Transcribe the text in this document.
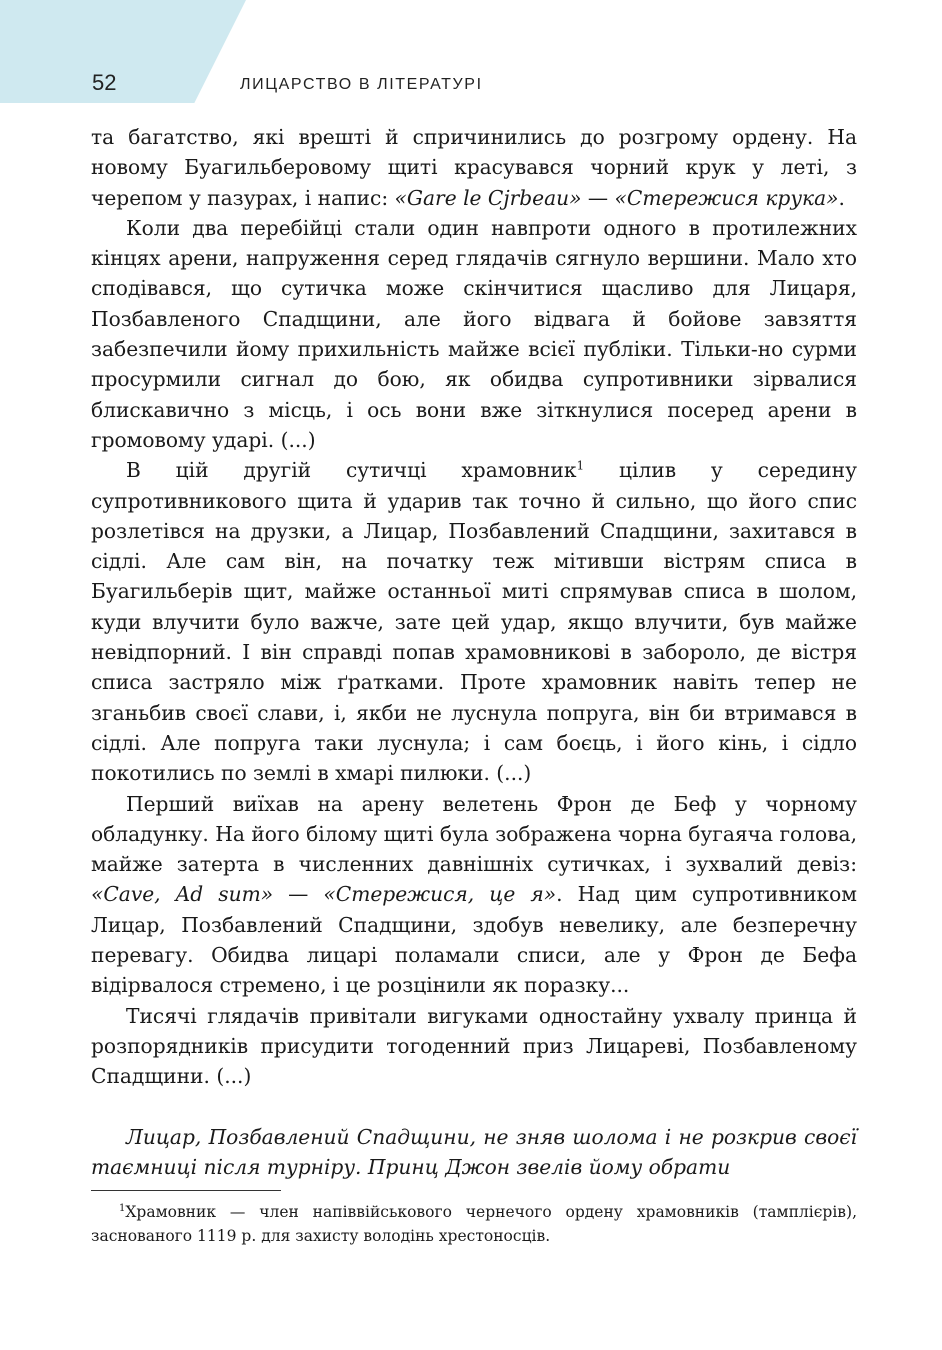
52	ЛИЦАРСТВО В ЛІТЕРАТУРІ

та багатство, які врешті й спричинились до розгрому ордену. На новому Буагильберовому щиті красувався чорний крук у леті, з черепом у пазурах, і напис: «Gare le Cjrbeau» — «Стережися крука».

Коли два перебійці стали один навпроти одного в протилежних кінцях арени, напруження серед глядачів сягнуло вершини. Мало хто сподівався, що сутичка може скінчитися щасливо для Лицаря, Позбавленого Спадщини, але його відвага й бойове завзяття забезпечили йому прихильність майже всієї публіки. Тільки-но сурми просурмили сигнал до бою, як обидва супротивники зірвалися блискавично з місць, і ось вони вже зіткнулися посеред арени в громовому ударі. (...)

В цій другій сутичці храмовник$^1$ цілив у середину супротивникового щита й ударив так точно й сильно, що його спис розлетівся на друзки, а Лицар, Позбавлений Спадщини, захитався в сідлі. Але сам він, на початку теж мітивши вістрям списа в Буагильберів щит, майже останньої миті спрямував списа в шолом, куди влучити було важче, зате цей удар, якщо влучити, був майже невідпорний. І він справді попав храмовникові в забороло, де вістря списа застряло між ґратками. Проте храмовник навіть тепер не зганьбив своєї слави, і, якби не луснула попруга, він би втримався в сідлі. Але попруга таки луснула; і сам боєць, і його кінь, і сідло покотились по землі в хмарі пилюки. (...)

Перший виїхав на арену велетень Фрон де Беф у чорному обладунку. На його білому щиті була зображена чорна бугаяча голова, майже затерта в численних давнішніх сутичках, і зухвалий девіз: «Cave, Ad sum» — «Стережися, це я». Над цим супротивником Лицар, Позбавлений Спадщини, здобув невелику, але безперечну перевагу. Обидва лицарі поламали списи, але у Фрон де Бефа відірвалося стремено, і це розцінили як поразку...

Тисячі глядачів привітали вигуками одностайну ухвалу принца й розпорядників присудити тогоденний приз Лицареві, Позбавленому Спадщини. (...)

Лицар, Позбавлений Спадщини, не зняв шолома і не розкрив своєї таємниці після турніру. Принц Джон звелів йому обрати

$^1$Храмовник — член напіввійськового чернечого ордену храмовників (тамплієрів), заснованого 1119 р. для захисту володінь хрестоносців.
